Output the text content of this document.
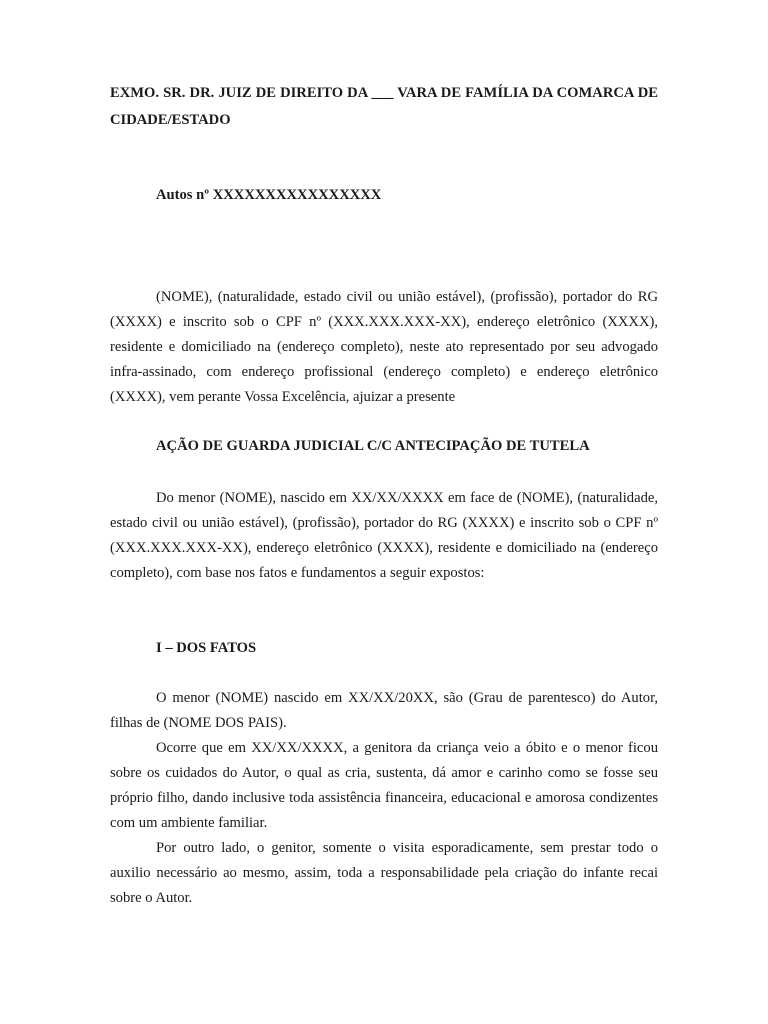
EXMO. SR. DR. JUIZ DE DIREITO DA ___ VARA DE FAMÍLIA DA COMARCA DE CIDADE/ESTADO

Autos nº XXXXXXXXXXXXXXXX

(NOME), (naturalidade, estado civil ou união estável), (profissão), portador do RG (XXXX) e inscrito sob o CPF nº (XXX.XXX.XXX-XX), endereço eletrônico (XXXX), residente e domiciliado na (endereço completo), neste ato representado por seu advogado infra-assinado, com endereço profissional (endereço completo) e endereço eletrônico (XXXX), vem perante Vossa Excelência, ajuizar a presente

AÇÃO DE GUARDA JUDICIAL C/C ANTECIPAÇÃO DE TUTELA

Do menor (NOME), nascido em XX/XX/XXXX em face de (NOME), (naturalidade, estado civil ou união estável), (profissão), portador do RG (XXXX) e inscrito sob o CPF nº (XXX.XXX.XXX-XX), endereço eletrônico (XXXX), residente e domiciliado na (endereço completo), com base nos fatos e fundamentos a seguir expostos:

I – DOS FATOS

O menor (NOME) nascido em XX/XX/20XX, são (Grau de parentesco) do Autor, filhas de (NOME DOS PAIS).

Ocorre que em XX/XX/XXXX, a genitora da criança veio a óbito e o menor ficou sobre os cuidados do Autor, o qual as cria, sustenta, dá amor e carinho como se fosse seu próprio filho, dando inclusive toda assistência financeira, educacional e amorosa condizentes com um ambiente familiar.

Por outro lado, o genitor, somente o visita esporadicamente, sem prestar todo o auxilio necessário ao mesmo, assim, toda a responsabilidade pela criação do infante recai sobre o Autor.
